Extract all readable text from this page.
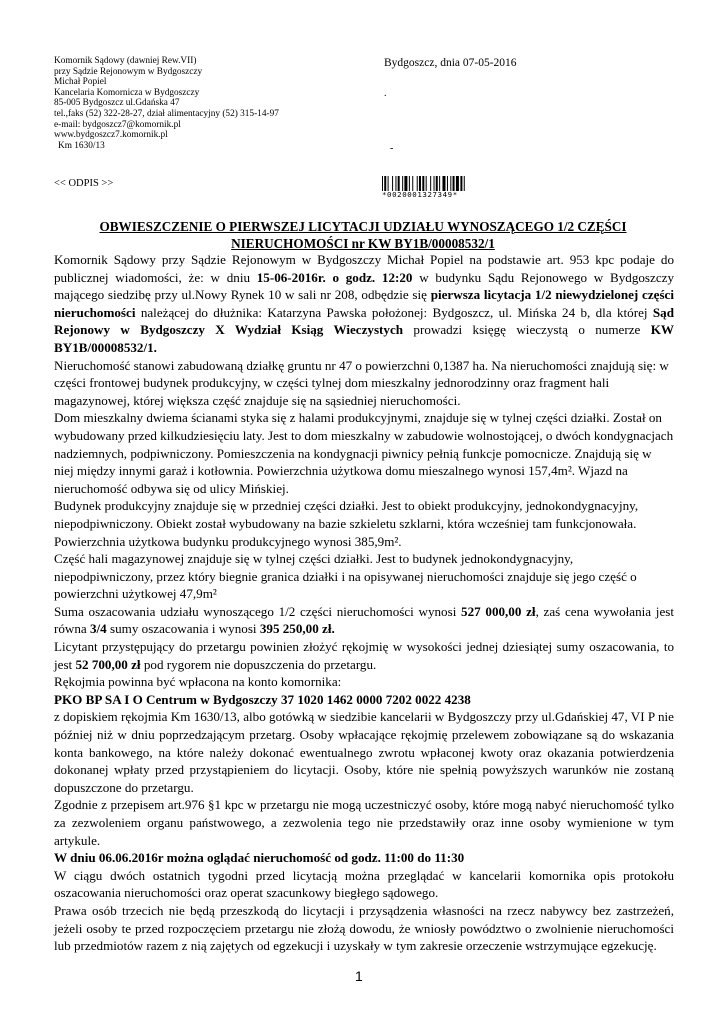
Komornik Sądowy (dawniej Rew.VII)
przy Sądzie Rejonowym w Bydgoszczy
Michał Popiel
Kancelaria Komornicza w Bydgoszczy
85-005 Bydgoszcz ul.Gdańska 47
tel.,faks (52) 322-28-27, dział alimentacyjny (52) 315-14-97
e-mail: bydgoszcz7@komornik.pl
www.bydgoszcz7.komornik.pl
Km 1630/13
Bydgoszcz, dnia 07-05-2016
.
-
<< ODPIS >>
*00200013273​49*
OBWIESZCZENIE O PIERWSZEJ LICYTACJI UDZIAŁU WYNOSZĄCEGO 1/2 CZĘŚCI NIERUCHOMOŚCI nr KW BY1B/00008532/1

Komornik Sądowy przy Sądzie Rejonowym w Bydgoszczy Michał Popiel na podstawie art. 953 kpc podaje do publicznej wiadomości, że: w dniu 15-06-2016r. o godz. 12:20 w budynku Sądu Rejonowego w Bydgoszczy mającego siedzibę przy ul.Nowy Rynek 10 w sali nr 208, odbędzie się pierwsza licytacja 1/2 niewydzielonej części nieruchomości należącej do dłużnika: Katarzyna Pawska położonej: Bydgoszcz, ul. Mińska 24 b, dla której Sąd Rejonowy w Bydgoszczy X Wydział Ksiąg Wieczystych prowadzi księgę wieczystą o numerze KW BY1B/00008532/1.

Nieruchomość stanowi zabudowaną działkę gruntu nr 47 o powierzchni 0,1387 ha. Na nieruchomości znajdują się: w części frontowej budynek produkcyjny, w części tylnej dom mieszkalny jednorodzinny oraz fragment hali magazynowej, której większa część znajduje się na sąsiedniej nieruchomości.

Dom mieszkalny dwiema ścianami styka się z halami produkcyjnymi, znajduje się w tylnej części działki. Został on wybudowany przed kilkudziesięciu laty. Jest to dom mieszkalny w zabudowie wolnostojącej, o dwóch kondygnacjach nadziemnych, podpiwniczony. Pomieszczenia na kondygnacji piwnicy pełnią funkcje pomocnicze. Znajdują się w niej między innymi garaż i kotłownia. Powierzchnia użytkowa domu mieszalnego wynosi 157,4m². Wjazd na nieruchomość odbywa się od ulicy Mińskiej.

Budynek produkcyjny znajduje się w przedniej części działki. Jest to obiekt produkcyjny, jednokondygnacyjny, niepodpiwniczony. Obiekt został wybudowany na bazie szkieletu szklarni, która wcześniej tam funkcjonowała. Powierzchnia użytkowa budynku produkcyjnego wynosi 385,9m².

Część hali magazynowej znajduje się w tylnej części działki. Jest to budynek jednokondygnacyjny, niepodpiwniczony, przez który biegnie granica działki i na opisywanej nieruchomości znajduje się jego część o powierzchni użytkowej 47,9m²

Suma oszacowania udziału wynoszącego 1/2 części nieruchomości wynosi 527 000,00 zł, zaś cena wywołania jest równa 3/4 sumy oszacowania i wynosi 395 250,00 zł.

Licytant przystępujący do przetargu powinien złożyć rękojmię w wysokości jednej dziesiątej sumy oszacowania, to jest 52 700,00 zł pod rygorem nie dopuszczenia do przetargu.

Rękojmia powinna być wpłacona na konto komornika:

PKO BP SA I O Centrum w Bydgoszczy 37 1020 1462 0000 7202 0022 4238

z dopiskiem rękojmia Km 1630/13, albo gotówką w siedzibie kancelarii w Bydgoszczy przy ul.Gdańskiej 47, VI P nie później niż w dniu poprzedzającym przetarg. Osoby wpłacające rękojmię przelewem zobowiązane są do wskazania konta bankowego, na które należy dokonać ewentualnego zwrotu wpłaconej kwoty oraz okazania potwierdzenia dokonanej wpłaty przed przystąpieniem do licytacji. Osoby, które nie spełnią powyższych warunków nie zostaną dopuszczone do przetargu.

Zgodnie z przepisem art.976 §1 kpc w przetargu nie mogą uczestniczyć osoby, które mogą nabyć nieruchomość tylko za zezwoleniem organu państwowego, a zezwolenia tego nie przedstawiły oraz inne osoby wymienione w tym artykule.

W dniu 06.06.2016r można oglądać nieruchomość od godz. 11:00 do 11:30

W ciągu dwóch ostatnich tygodni przed licytacją można przeglądać w kancelarii komornika opis protokołu oszacowania nieruchomości oraz operat szacunkowy biegłego sądowego.

Prawa osób trzecich nie będą przeszkodą do licytacji i przysądzenia własności na rzecz nabywcy bez zastrzeżeń, jeżeli osoby te przed rozpoczęciem przetargu nie złożą dowodu, że wniosły powództwo o zwolnienie nieruchomości lub przedmiotów razem z nią zajętych od egzekucji i uzyskały w tym zakresie orzeczenie wstrzymujące egzekucję.

1
